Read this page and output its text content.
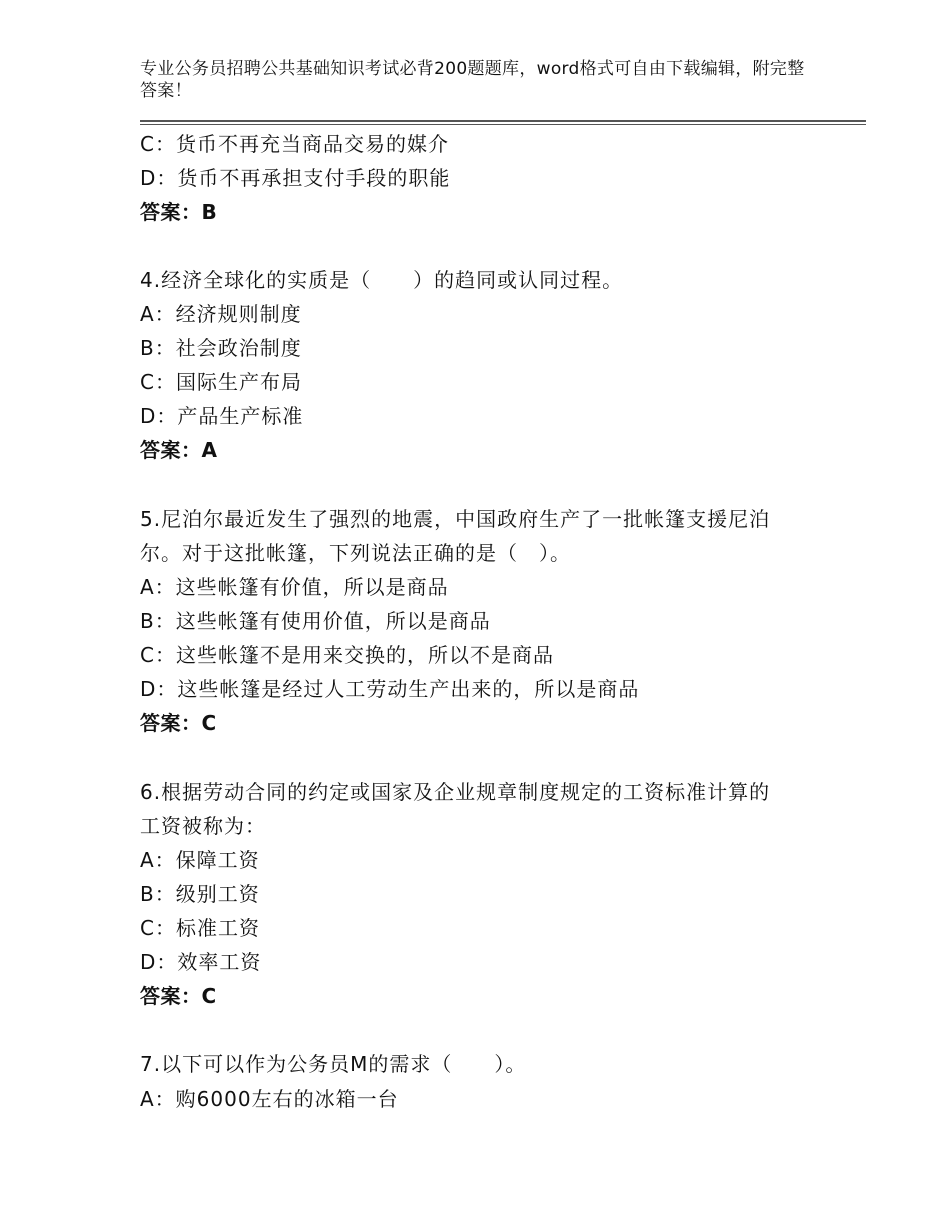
专业公务员招聘公共基础知识考试必背200题题库，word格式可自由下载编辑，附完整答案！
C：货币不再充当商品交易的媒介
D：货币不再承担支付手段的职能
答案：B
4.经济全球化的实质是（　　）的趋同或认同过程。
A：经济规则制度
B：社会政治制度
C：国际生产布局
D：产品生产标准
答案：A
5.尼泊尔最近发生了强烈的地震，中国政府生产了一批帐篷支援尼泊
尔。对于这批帐篷，下列说法正确的是（　）。
A：这些帐篷有价值，所以是商品
B：这些帐篷有使用价值，所以是商品
C：这些帐篷不是用来交换的，所以不是商品
D：这些帐篷是经过人工劳动生产出来的，所以是商品
答案：C
6.根据劳动合同的约定或国家及企业规章制度规定的工资标准计算的
工资被称为：
A：保障工资
B：级别工资
C：标准工资
D：效率工资
答案：C
7.以下可以作为公务员M的需求（　　）。
A：购6000左右的冰箱一台
